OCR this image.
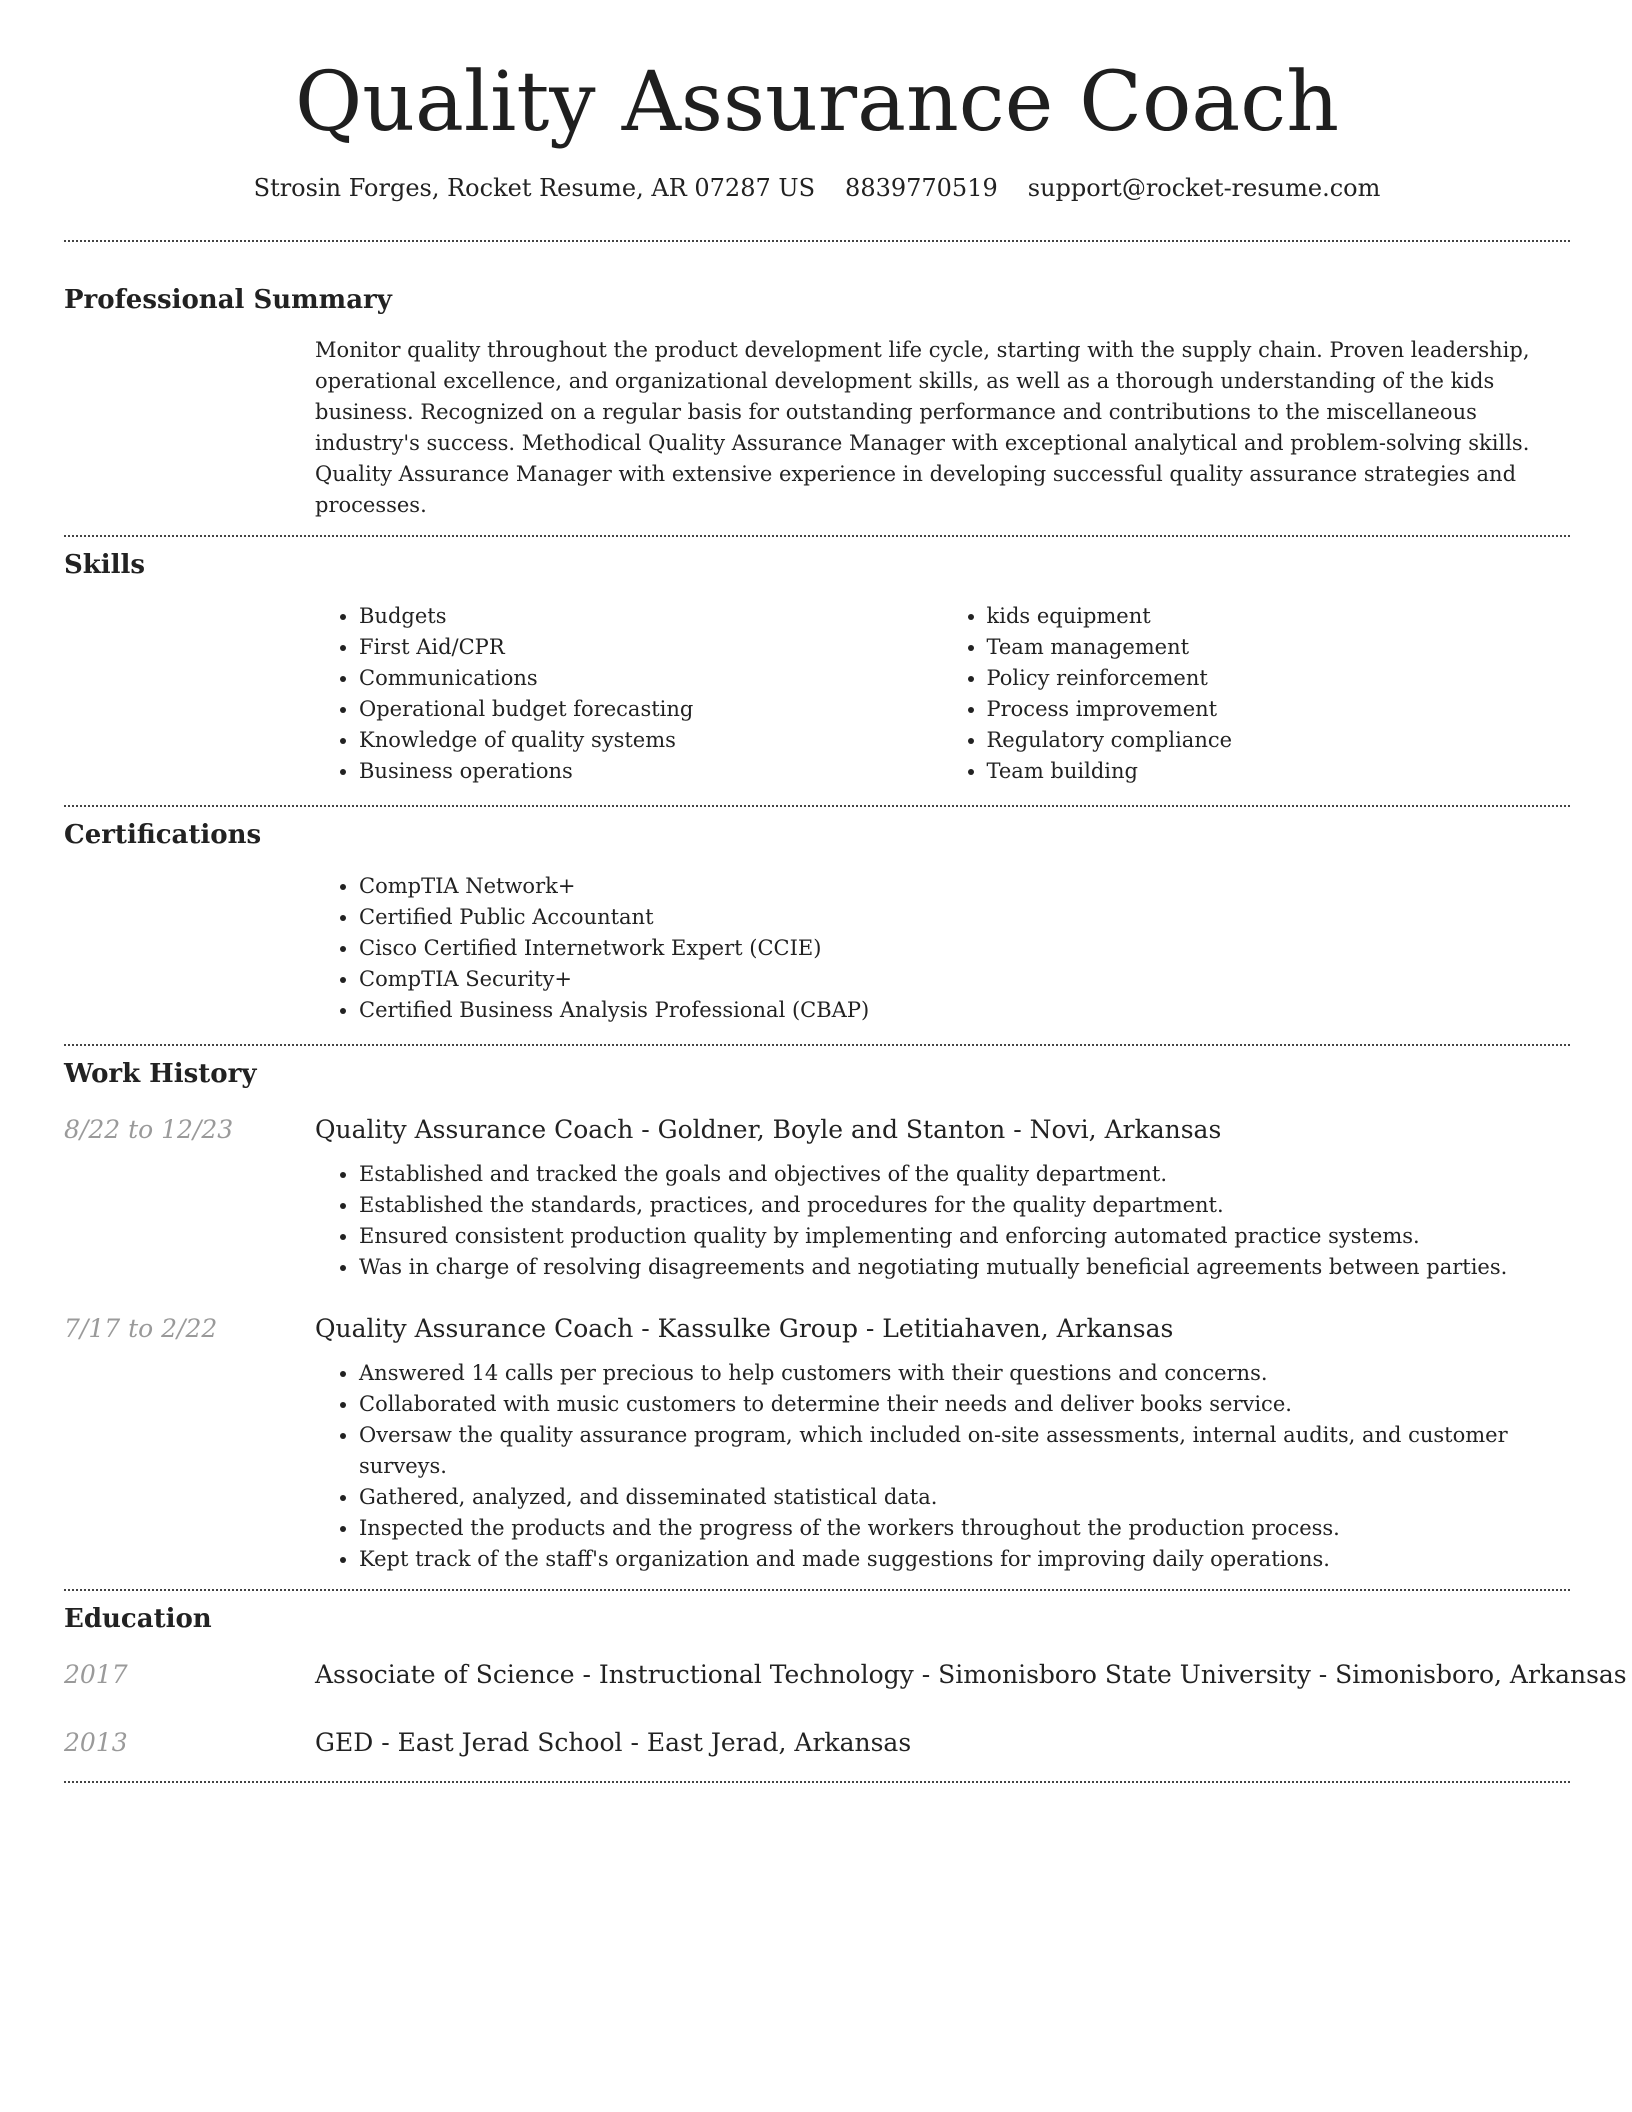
Quality Assurance Coach
Strosin Forges, Rocket Resume, AR 07287 US 8839770519 support@rocket-resume.com
Professional Summary
Monitor quality throughout the product development life cycle, starting with the supply chain. Proven leadership, operational excellence, and organizational development skills, as well as a thorough understanding of the kids business. Recognized on a regular basis for outstanding performance and contributions to the miscellaneous industry's success. Methodical Quality Assurance Manager with exceptional analytical and problem-solving skills. Quality Assurance Manager with extensive experience in developing successful quality assurance strategies and processes.
Skills
• Budgets
• First Aid/CPR
• Communications
• Operational budget forecasting
• Knowledge of quality systems
• Business operations
• kids equipment
• Team management
• Policy reinforcement
• Process improvement
• Regulatory compliance
• Team building
Certifications
• CompTIA Network+
• Certified Public Accountant
• Cisco Certified Internetwork Expert (CCIE)
• CompTIA Security+
• Certified Business Analysis Professional (CBAP)
Work History
8/22 to 12/23	Quality Assurance Coach - Goldner, Boyle and Stanton - Novi, Arkansas
• Established and tracked the goals and objectives of the quality department.
• Established the standards, practices, and procedures for the quality department.
• Ensured consistent production quality by implementing and enforcing automated practice systems.
• Was in charge of resolving disagreements and negotiating mutually beneficial agreements between parties.
7/17 to 2/22	Quality Assurance Coach - Kassulke Group - Letitiahaven, Arkansas
• Answered 14 calls per precious to help customers with their questions and concerns.
• Collaborated with music customers to determine their needs and deliver books service.
• Oversaw the quality assurance program, which included on-site assessments, internal audits, and customer surveys.
• Gathered, analyzed, and disseminated statistical data.
• Inspected the products and the progress of the workers throughout the production process.
• Kept track of the staff's organization and made suggestions for improving daily operations.
Education
2017	Associate of Science - Instructional Technology - Simonisboro State University - Simonisboro, Arkansas
2013	GED - East Jerad School - East Jerad, Arkansas
